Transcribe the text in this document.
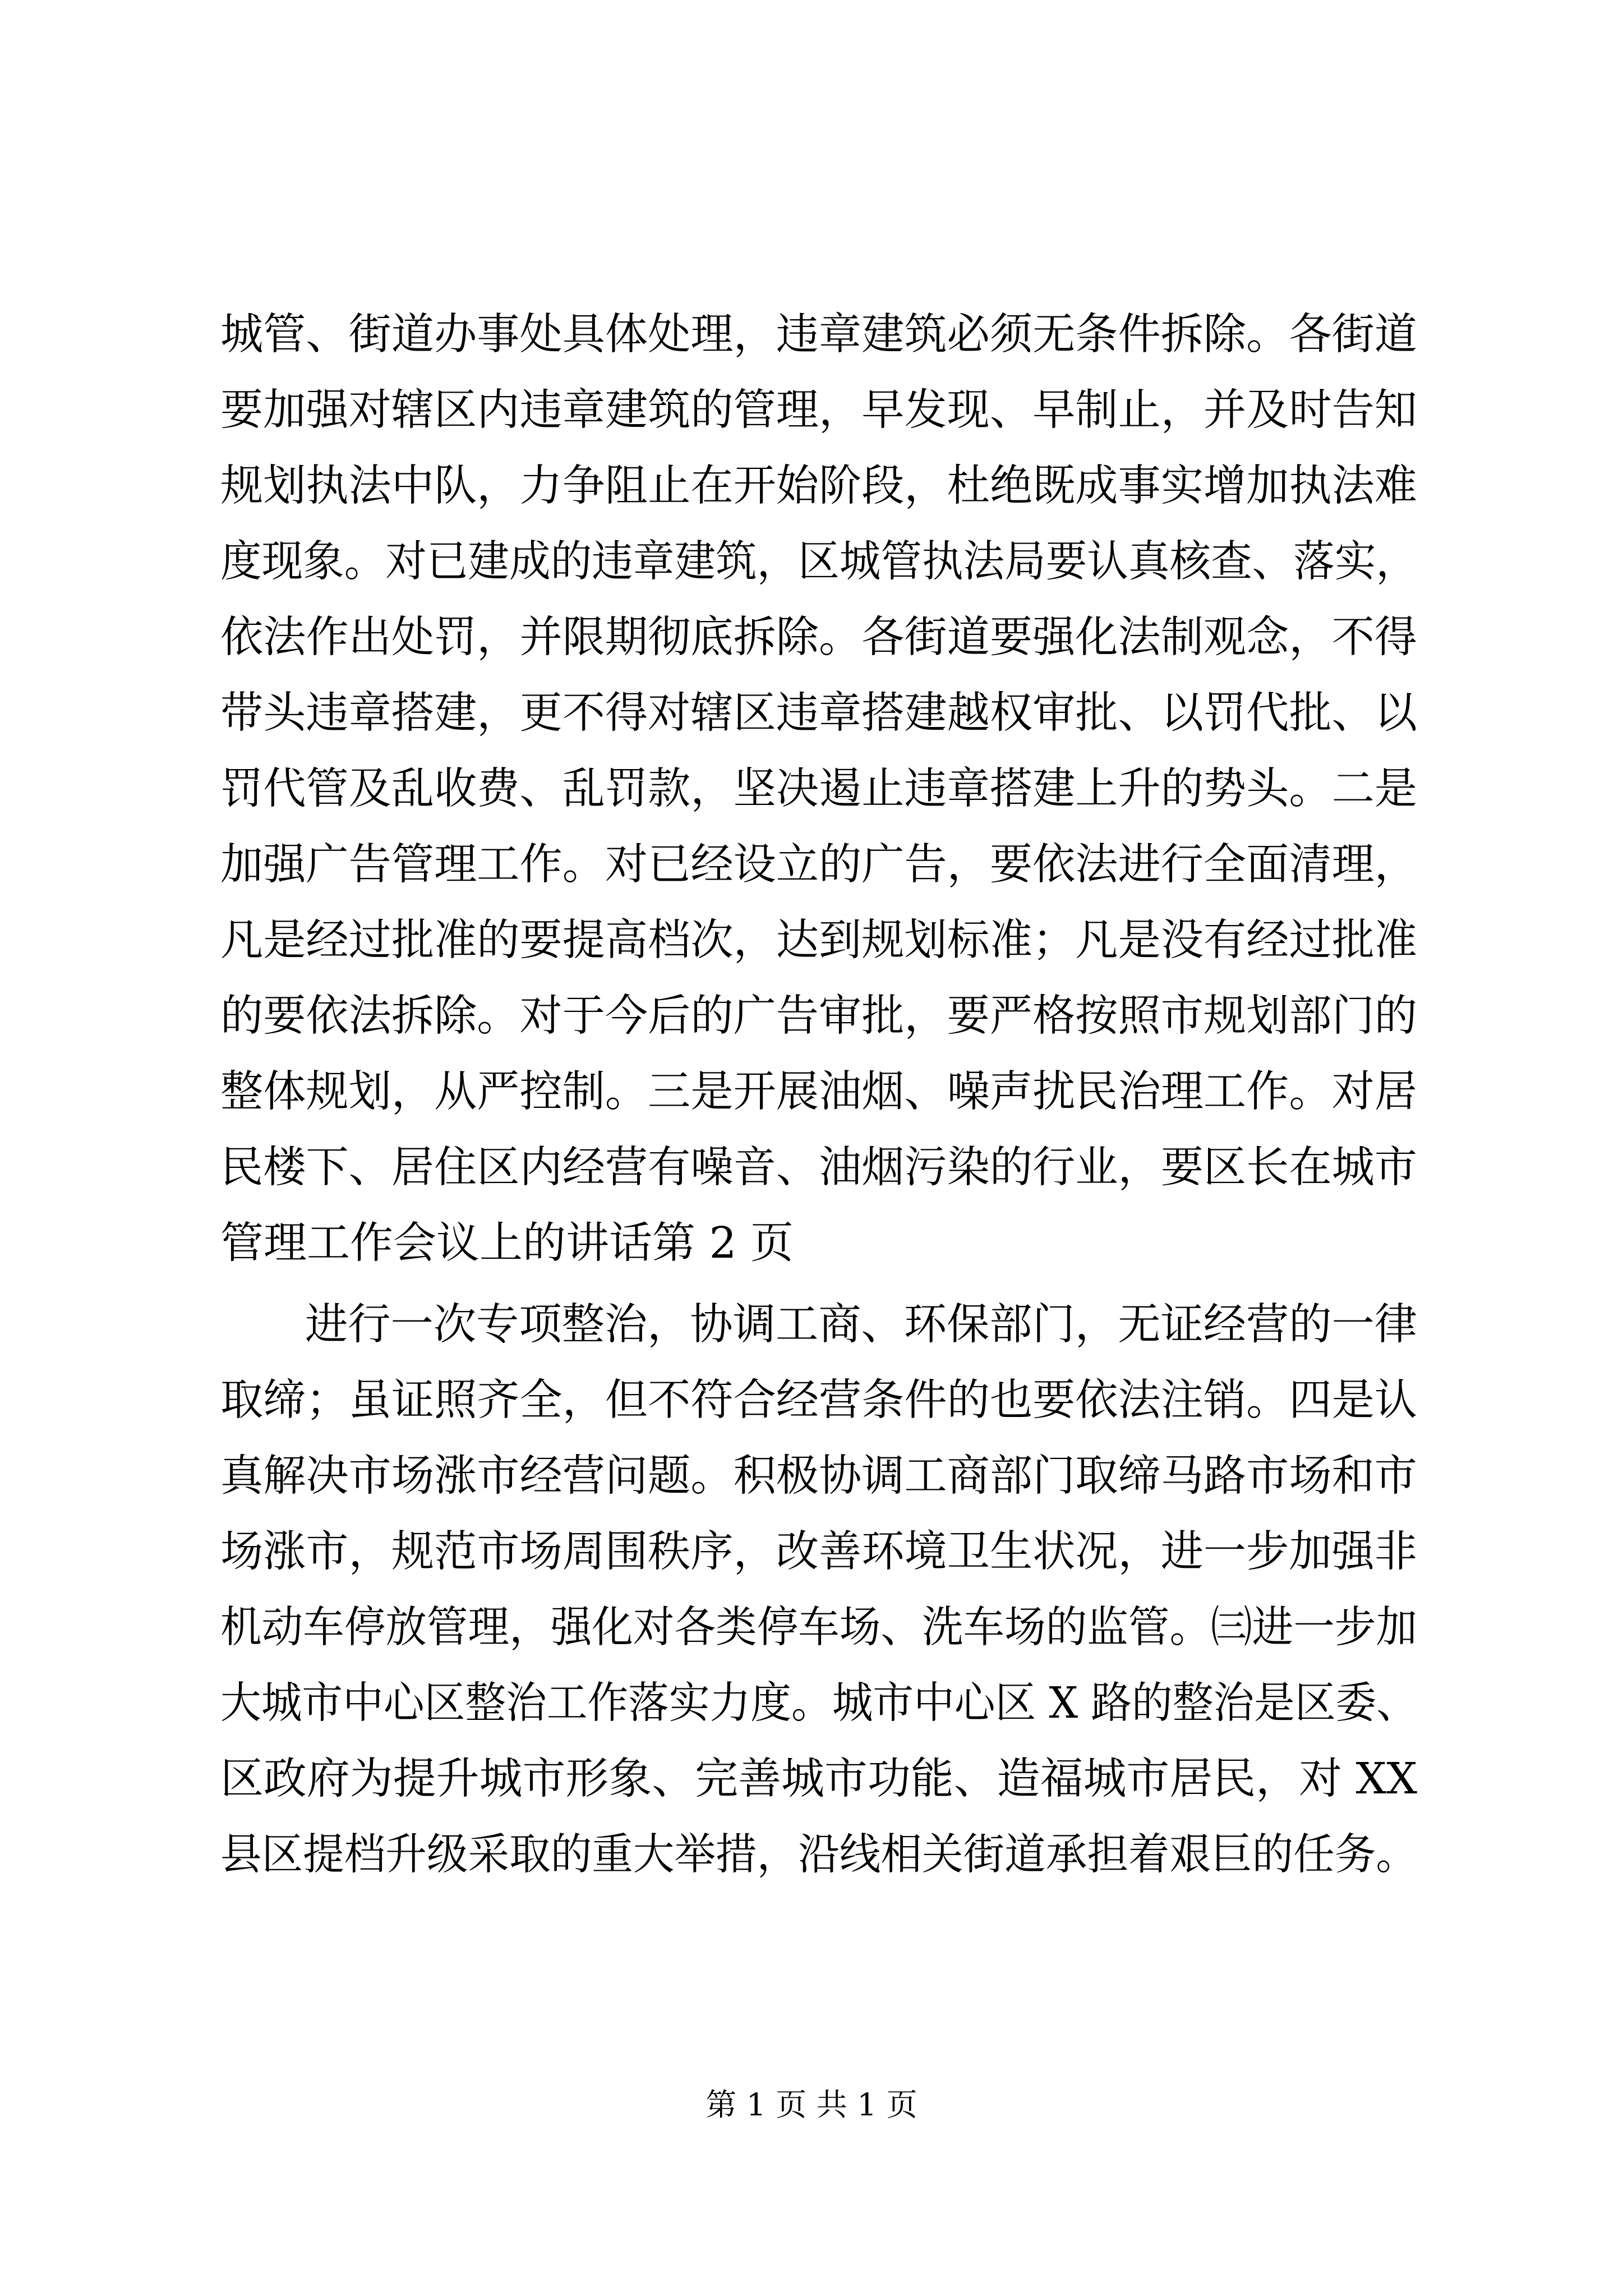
城管、街道办事处具体处理，违章建筑必须无条件拆除。各街道
要加强对辖区内违章建筑的管理，早发现、早制止，并及时告知
规划执法中队，力争阻止在开始阶段，杜绝既成事实增加执法难
度现象。对已建成的违章建筑，区城管执法局要认真核查、落实，
依法作出处罚，并限期彻底拆除。各街道要强化法制观念，不得
带头违章搭建，更不得对辖区违章搭建越权审批、以罚代批、以
罚代管及乱收费、乱罚款，坚决遏止违章搭建上升的势头。二是
加强广告管理工作。对已经设立的广告，要依法进行全面清理，
凡是经过批准的要提高档次，达到规划标准；凡是没有经过批准
的要依法拆除。对于今后的广告审批，要严格按照市规划部门的
整体规划，从严控制。三是开展油烟、噪声扰民治理工作。对居
民楼下、居住区内经营有噪音、油烟污染的行业，要区长在城市
管理工作会议上的讲话第 2 页
进行一次专项整治，协调工商、环保部门，无证经营的一律
取缔；虽证照齐全，但不符合经营条件的也要依法注销。四是认
真解决市场涨市经营问题。积极协调工商部门取缔马路市场和市
场涨市，规范市场周围秩序，改善环境卫生状况，进一步加强非
机动车停放管理，强化对各类停车场、洗车场的监管。㈢进一步加
大城市中心区整治工作落实力度。城市中心区 X 路的整治是区委、
区政府为提升城市形象、完善城市功能、造福城市居民，对 XX
县区提档升级采取的重大举措，沿线相关街道承担着艰巨的任务。
第 1 页 共 1 页
